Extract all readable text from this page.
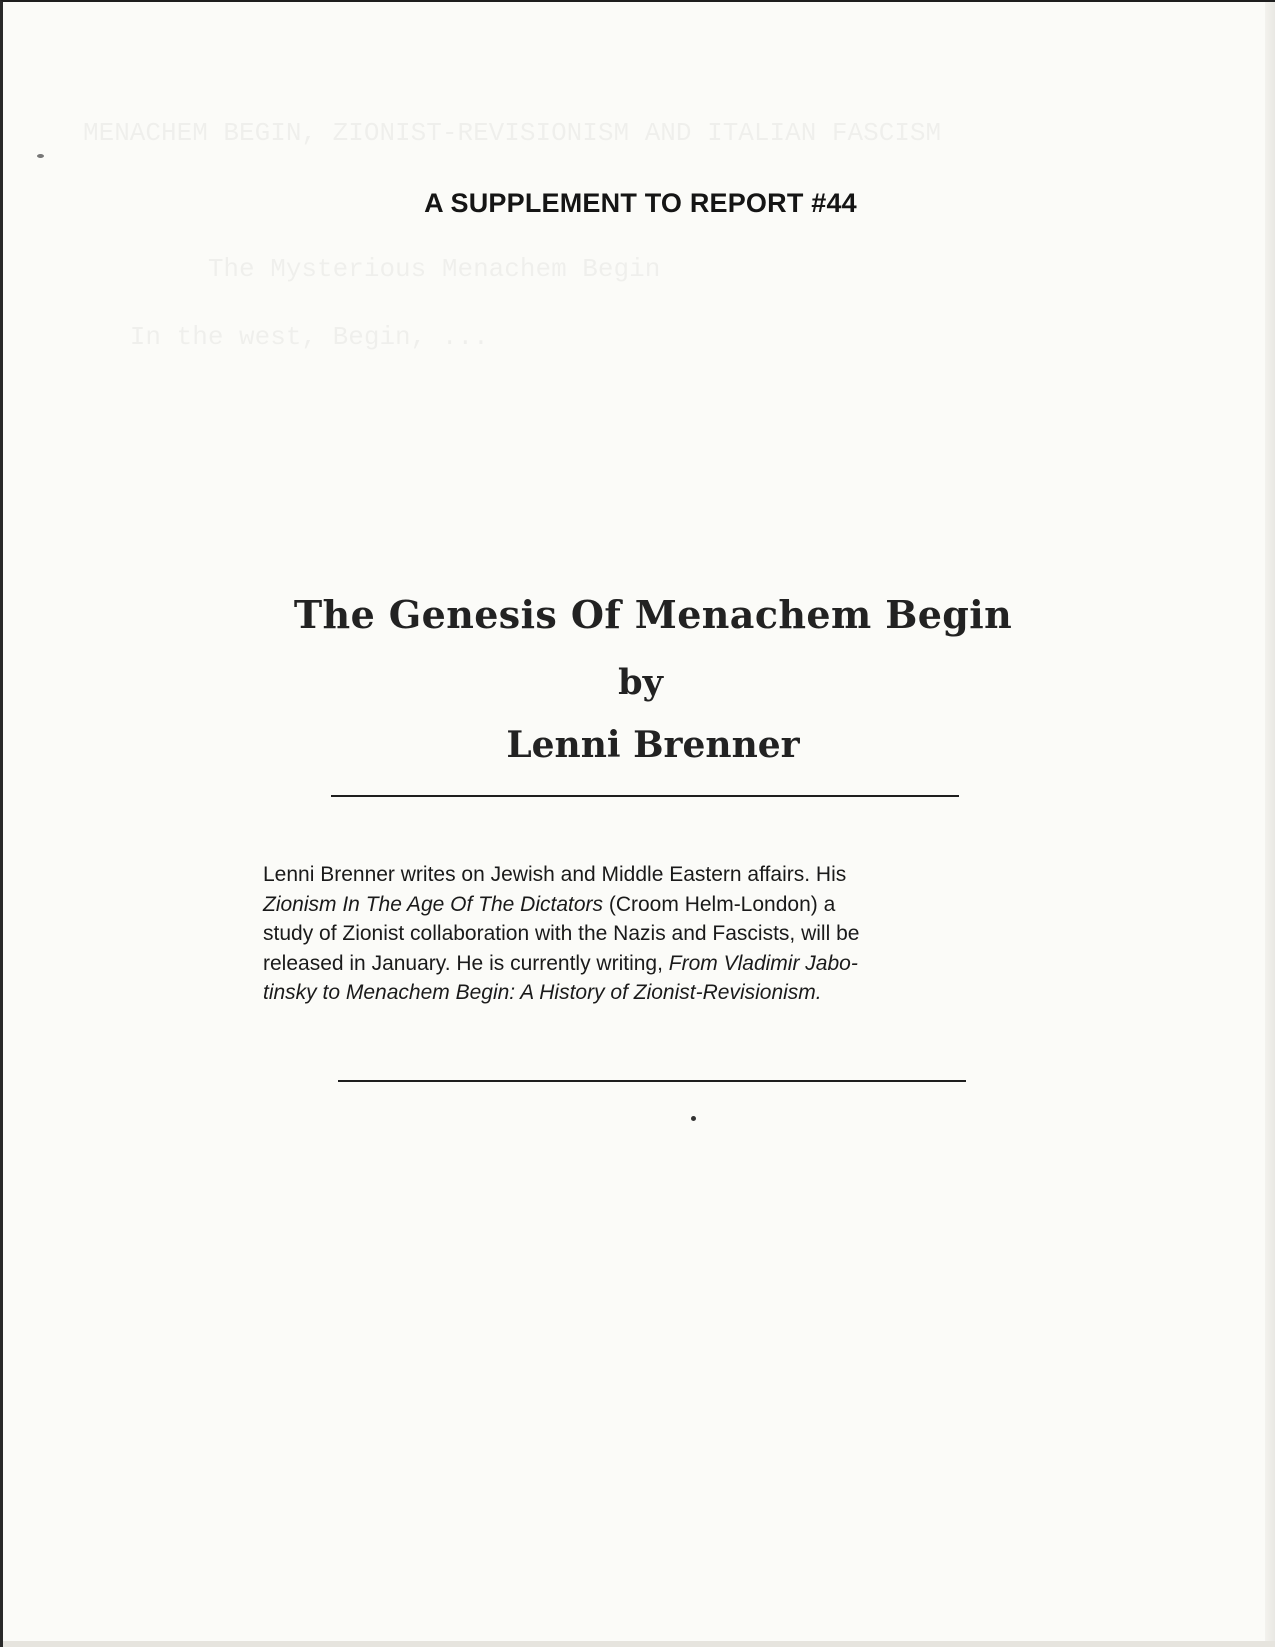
A SUPPLEMENT TO REPORT #44
The Genesis Of Menachem Begin
by
Lenni Brenner
Lenni Brenner writes on Jewish and Middle Eastern affairs. His
Zionism In The Age Of The Dictators (Croom Helm-London) a
study of Zionist collaboration with the Nazis and Fascists, will be
released in January. He is currently writing, From Vladimir Jabo-
tinsky to Menachem Begin: A History of Zionist-Revisionism.
